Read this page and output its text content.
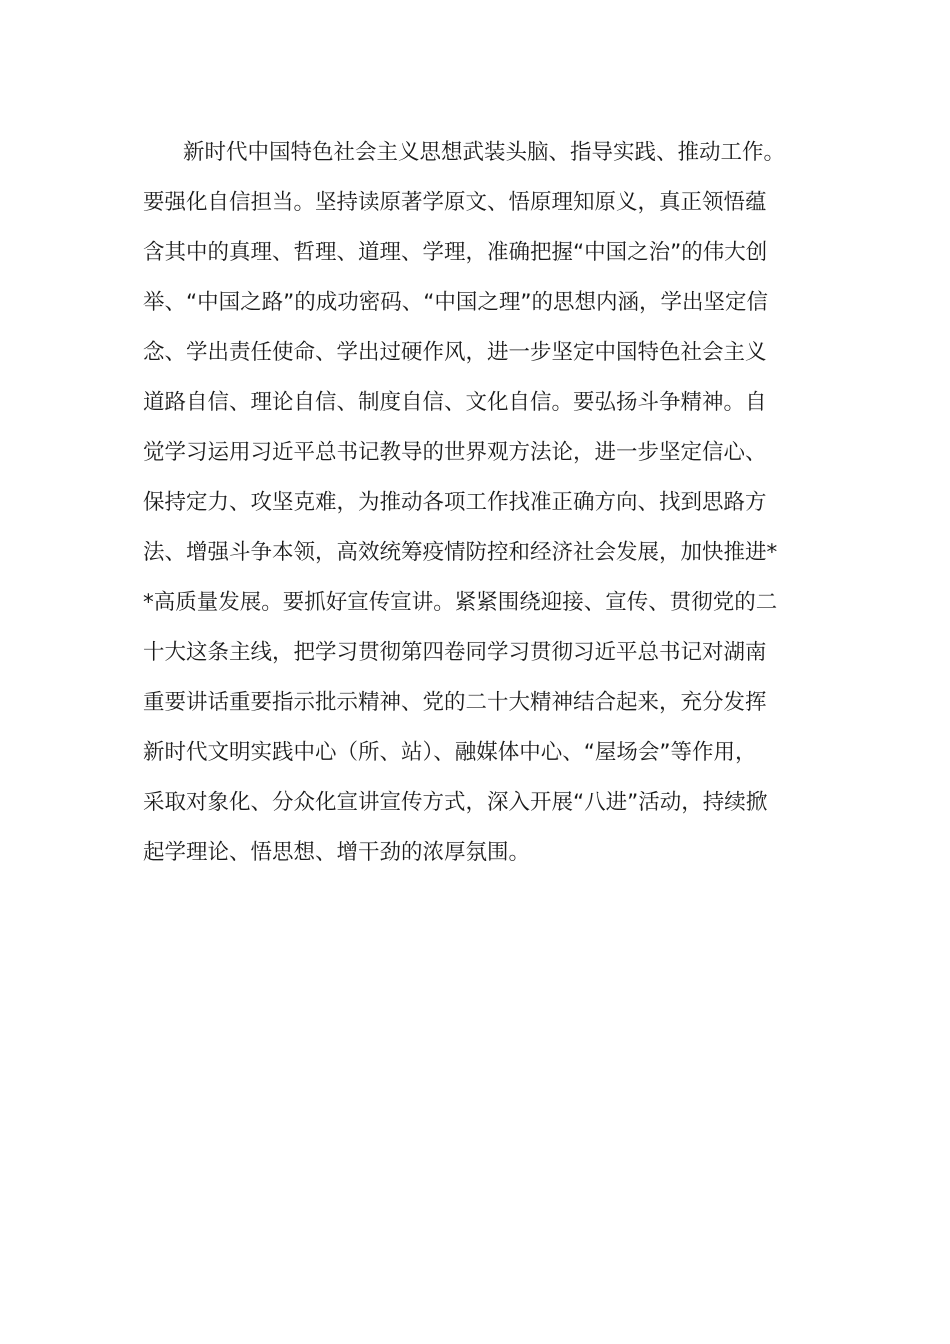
新时代中国特色社会主义思想武装头脑、指导实践、推动工作。
要强化自信担当。坚持读原著学原文、悟原理知原义，真正领悟蕴
含其中的真理、哲理、道理、学理，准确把握“中国之治”的伟大创
举、“中国之路”的成功密码、“中国之理”的思想内涵，学出坚定信
念、学出责任使命、学出过硬作风，进一步坚定中国特色社会主义
道路自信、理论自信、制度自信、文化自信。要弘扬斗争精神。自
觉学习运用习近平总书记教导的世界观方法论，进一步坚定信心、
保持定力、攻坚克难，为推动各项工作找准正确方向、找到思路方
法、增强斗争本领，高效统筹疫情防控和经济社会发展，加快推进*
*高质量发展。要抓好宣传宣讲。紧紧围绕迎接、宣传、贯彻党的二
十大这条主线，把学习贯彻第四卷同学习贯彻习近平总书记对湖南
重要讲话重要指示批示精神、党的二十大精神结合起来，充分发挥
新时代文明实践中心（所、站）、融媒体中心、“屋场会”等作用，
采取对象化、分众化宣讲宣传方式，深入开展“八进”活动，持续掀
起学理论、悟思想、增干劲的浓厚氛围。
